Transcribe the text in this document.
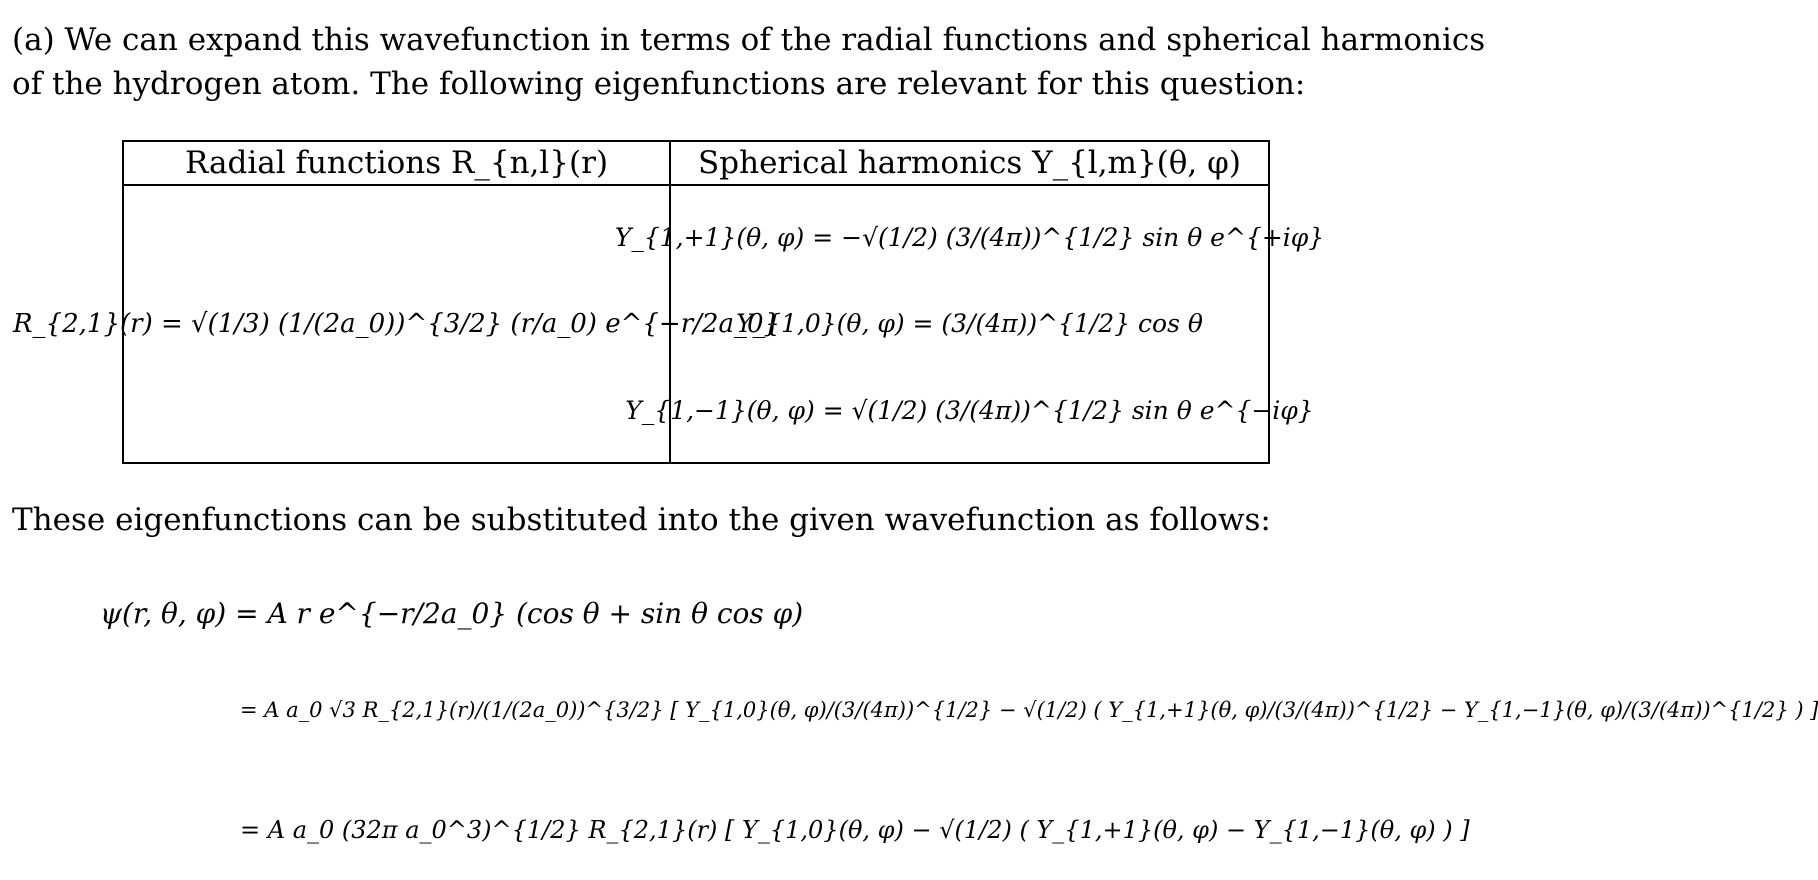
(a) We can expand this wavefunction in terms of the radial functions and spherical harmonics
of the hydrogen atom. The following eigenfunctions are relevant for this question:
Radial functions R_{n,l}(r)	Spherical harmonics Y_{l,m}(θ, φ)
R_{2,1}(r) = √(1/3) (1/(2a_0))^{3/2} (r/a_0) e^{−r/2a_0}
Y_{1,+1}(θ, φ) = −√(1/2) (3/(4π))^{1/2} sin θ e^{+iφ}
Y_{1,0}(θ, φ) = (3/(4π))^{1/2} cos θ
Y_{1,−1}(θ, φ) = √(1/2) (3/(4π))^{1/2} sin θ e^{−iφ}
These eigenfunctions can be substituted into the given wavefunction as follows:
ψ(r, θ, φ) = A r e^{−r/2a_0} (cos θ + sin θ cos φ)
= A a_0 √3 R_{2,1}(r)/(1/(2a_0))^{3/2} [ Y_{1,0}(θ, φ)/(3/(4π))^{1/2} − √(1/2) ( Y_{1,+1}(θ, φ)/(3/(4π))^{1/2} − Y_{1,−1}(θ, φ)/(3/(4π))^{1/2} ) ]
= A a_0 (32π a_0^3)^{1/2} R_{2,1}(r) [ Y_{1,0}(θ, φ) − √(1/2) ( Y_{1,+1}(θ, φ) − Y_{1,−1}(θ, φ) ) ]
